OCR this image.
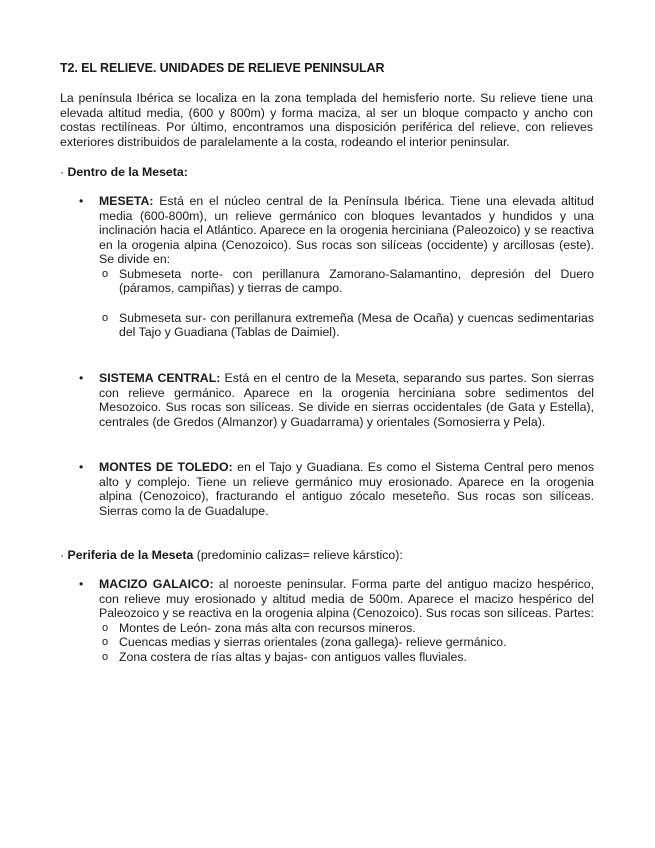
T2. EL RELIEVE. UNIDADES DE RELIEVE PENINSULAR

La península Ibérica se localiza en la zona templada del hemisferio norte. Su relieve tiene una elevada altitud media, (600 y 800m) y forma maciza, al ser un bloque compacto y ancho con costas rectilíneas. Por último, encontramos una disposición periférica del relieve, con relieves exteriores distribuidos de paralelamente a la costa, rodeando el interior peninsular.

· Dentro de la Meseta:

• MESETA: Está en el núcleo central de la Península Ibérica. Tiene una elevada altitud media (600-800m), un relieve germánico con bloques levantados y hundidos y una inclinación hacia el Atlántico. Aparece en la orogenia herciniana (Paleozoico) y se reactiva en la orogenia alpina (Cenozoico). Sus rocas son silíceas (occidente) y arcillosas (este). Se divide en:

o Submeseta norte- con perillanura Zamorano-Salamantino, depresión del Duero (páramos, campiñas) y tierras de campo.

o Submeseta sur- con perillanura extremeña (Mesa de Ocaña) y cuencas sedimentarias del Tajo y Guadiana (Tablas de Daimiel).

• SISTEMA CENTRAL: Está en el centro de la Meseta, separando sus partes. Son sierras con relieve germánico. Aparece en la orogenia herciniana sobre sedimentos del Mesozoico. Sus rocas son silíceas. Se divide en sierras occidentales (de Gata y Estella), centrales (de Gredos (Almanzor) y Guadarrama) y orientales (Somosierra y Pela).
• MONTES DE TOLEDO: en el Tajo y Guadiana. Es como el Sistema Central pero menos alto y complejo. Tiene un relieve germánico muy erosionado. Aparece en la orogenia alpina (Cenozoico), fracturando el antiguo zócalo meseteño. Sus rocas son silíceas. Sierras como la de Guadalupe.

· Periferia de la Meseta (predominio calizas= relieve kárstico):

• MACIZO GALAICO: al noroeste peninsular. Forma parte del antiguo macizo hespérico, con relieve muy erosionado y altitud media de 500m. Aparece el macizo hespérico del Paleozoico y se reactiva en la orogenia alpina (Cenozoico). Sus rocas son silíceas. Partes:

o Montes de León- zona más alta con recursos mineros.

o Cuencas medias y sierras orientales (zona gallega)- relieve germánico.

o Zona costera de rías altas y bajas- con antiguos valles fluviales.
